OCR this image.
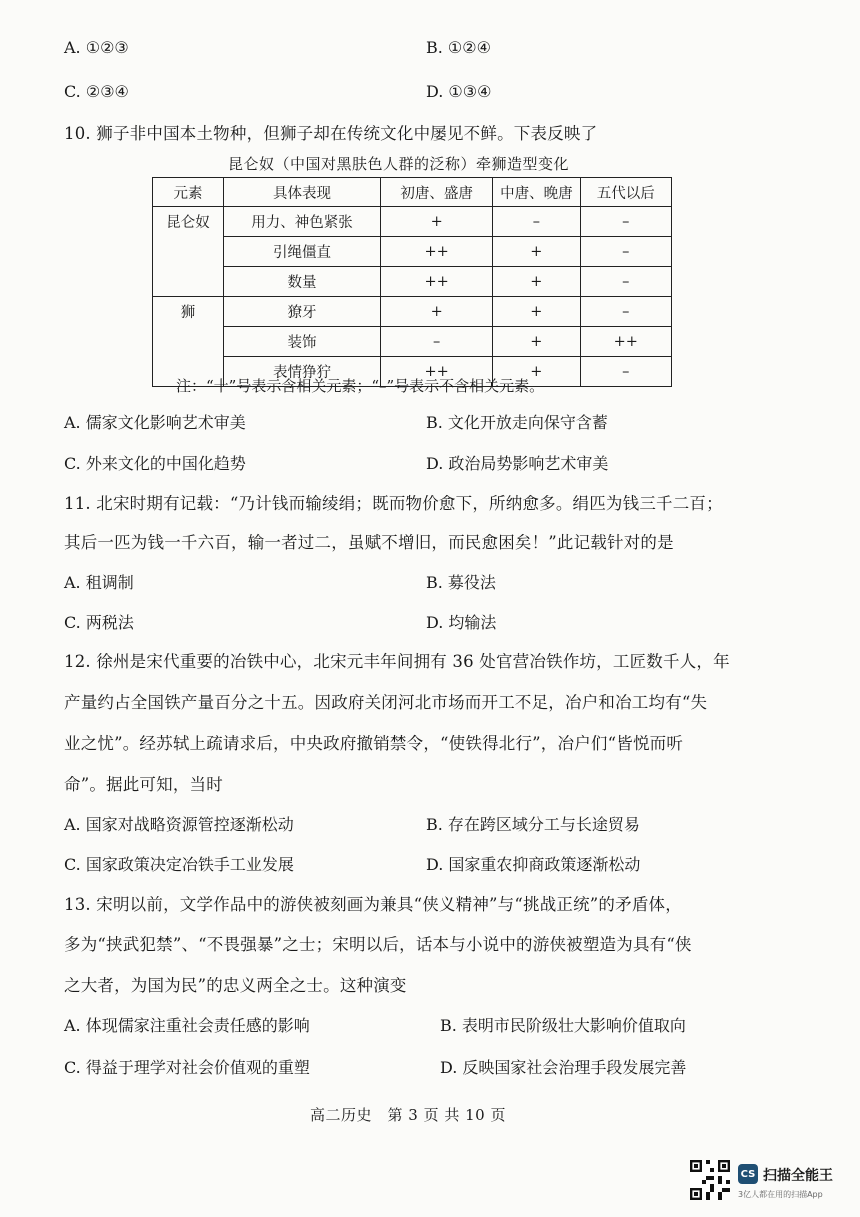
A. ①②③	B. ①②④
C. ②③④	D. ①③④
10. 狮子非中国本土物种，但狮子却在传统文化中屡见不鲜。下表反映了
昆仑奴（中国对黑肤色人群的泛称）牵狮造型变化
元素	具体表现	初唐、盛唐	中唐、晚唐	五代以后
昆仑奴	用力、神色紧张	+	–	–
	引绳僵直	++	+	–
	数量	++	+	–
狮	獠牙	+	+	–
	装饰	–	+	++
	表情狰狞	++	+	–
注：“十”号表示含相关元素；“–”号表示不含相关元素。
A. 儒家文化影响艺术审美	B. 文化开放走向保守含蓄
C. 外来文化的中国化趋势	D. 政治局势影响艺术审美
11. 北宋时期有记载：“乃计钱而输绫绢；既而物价愈下，所纳愈多。绢匹为钱三千二百；
其后一匹为钱一千六百，输一者过二，虽赋不增旧，而民愈困矣！”此记载针对的是
A. 租调制	B. 募役法
C. 两税法	D. 均输法
12. 徐州是宋代重要的冶铁中心，北宋元丰年间拥有 36 处官营冶铁作坊，工匠数千人，年
产量约占全国铁产量百分之十五。因政府关闭河北市场而开工不足，冶户和冶工均有“失
业之忧”。经苏轼上疏请求后，中央政府撤销禁令，“使铁得北行”，冶户们“皆悦而听
命”。据此可知，当时
A. 国家对战略资源管控逐渐松动	B. 存在跨区域分工与长途贸易
C. 国家政策决定冶铁手工业发展	D. 国家重农抑商政策逐渐松动
13. 宋明以前，文学作品中的游侠被刻画为兼具“侠义精神”与“挑战正统”的矛盾体，
多为“挟武犯禁”、“不畏强暴”之士；宋明以后，话本与小说中的游侠被塑造为具有“侠
之大者，为国为民”的忠义两全之士。这种演变
A. 体现儒家注重社会责任感的影响	B. 表明市民阶级壮大影响价值取向
C. 得益于理学对社会价值观的重塑	D. 反映国家社会治理手段发展完善
高二历史　第 3 页 共 10 页
CS 扫描全能王
3亿人都在用的扫描App
